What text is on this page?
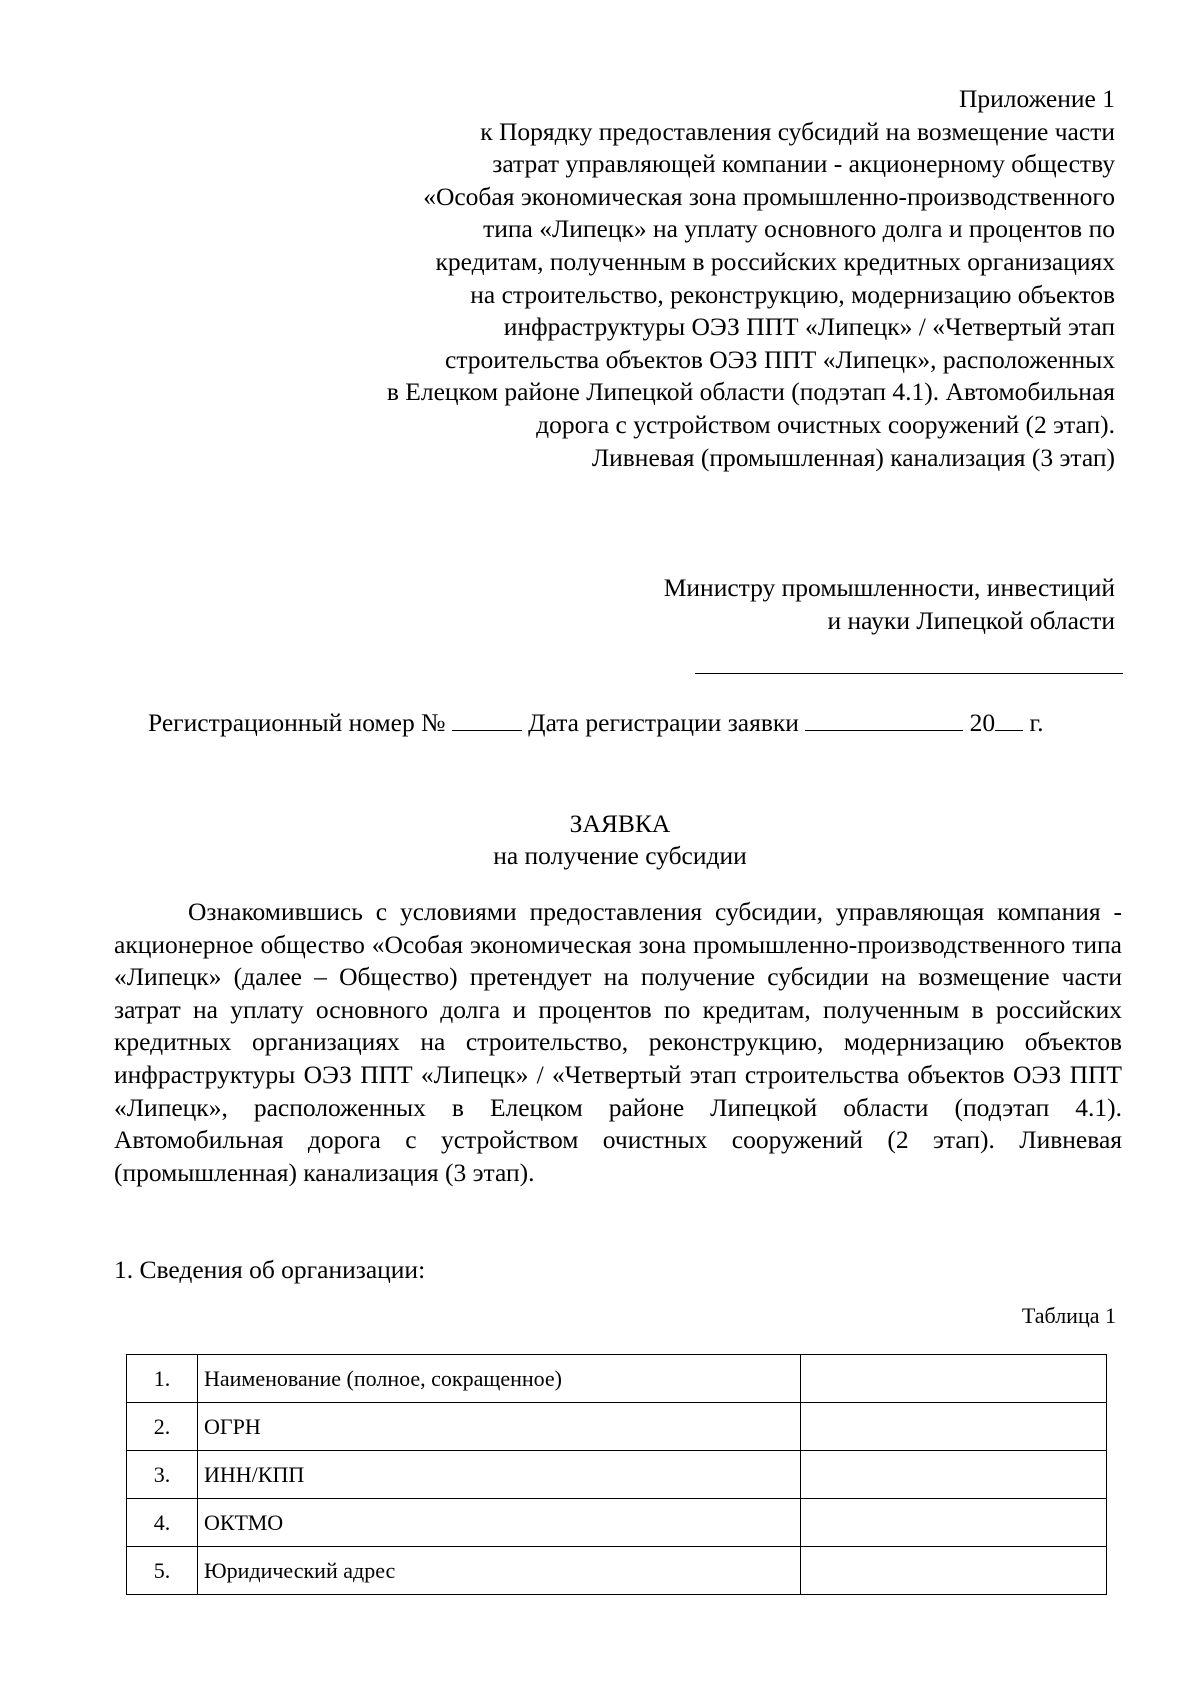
Приложение 1
к Порядку предоставления субсидий на возмещение части
затрат управляющей компании - акционерному обществу
«Особая экономическая зона промышленно-производственного
типа «Липецк» на уплату основного долга и процентов по
кредитам, полученным в российских кредитных организациях
на строительство, реконструкцию, модернизацию объектов
инфраструктуры ОЭЗ ППТ «Липецк» / «Четвертый этап
строительства объектов ОЭЗ ППТ «Липецк», расположенных
в Елецком районе Липецкой области (подэтап 4.1). Автомобильная
дорога с устройством очистных сооружений (2 этап).
Ливневая (промышленная) канализация (3 этап)
Министру промышленности, инвестиций
и науки Липецкой области
Регистрационный номер №	Дата регистрации заявки	20 г.
ЗАЯВКА
на получение субсидии

Ознакомившись с условиями предоставления субсидии, управляющая компания - акционерное общество «Особая экономическая зона промышленно-производственного типа «Липецк» (далее – Общество) претендует на получение субсидии на возмещение части затрат на уплату основного долга и процентов по кредитам, полученным в российских кредитных организациях на строительство, реконструкцию, модернизацию объектов инфраструктуры ОЭЗ ППТ «Липецк» / «Четвертый этап строительства объектов ОЭЗ ППТ «Липецк», расположенных в Елецком районе Липецкой области (подэтап 4.1). Автомобильная дорога с устройством очистных сооружений (2 этап). Ливневая (промышленная) канализация (3 этап).

1. Сведения об организации:
Таблица 1
1.	Наименование (полное, сокращенное)	
2.	ОГРН	
3.	ИНН/КПП	
4.	ОКТМО	
5.	Юридический адрес	
